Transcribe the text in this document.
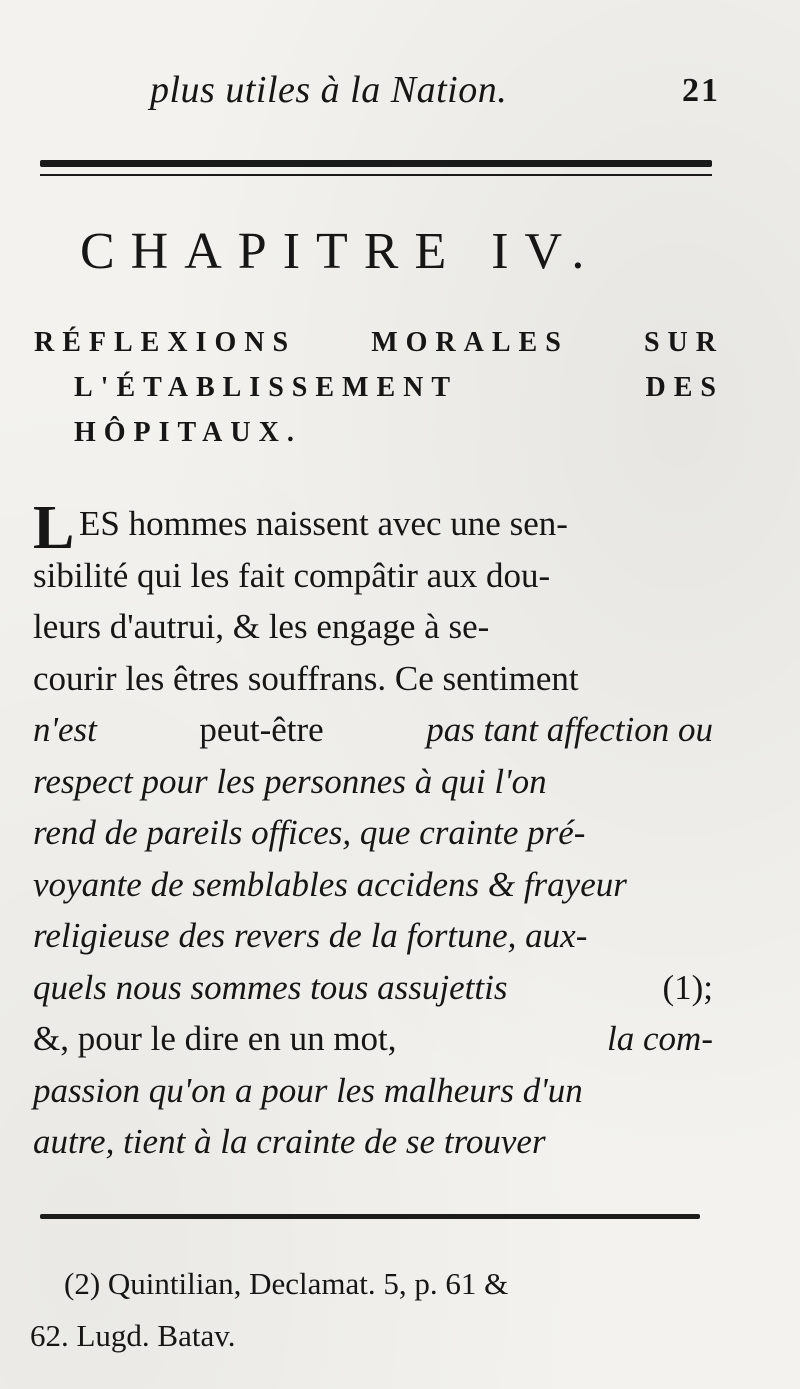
plus utiles à la Nation.	21
CHAPITRE IV.
RÉFLEXIONS	MORALES	SUR
L'ÉTABLISSEMENT	DES
HÔPITAUX.
L ES hommes naissent avec une sen-
sibilité qui les fait compâtir aux dou-
leurs d'autrui, & les engage à se-
courir les êtres souffrans. Ce sentiment
n'est	peut-être	pas tant affection ou
respect pour les personnes à qui l'on
rend de pareils offices, que crainte pré-
voyante de semblables accidens & frayeur
religieuse des revers de la fortune, aux-
quels nous sommes tous assujettis	(1);
&, pour le dire en un mot,	la com-
passion qu'on a pour les malheurs d'un
autre, tient à la crainte de se trouver
(2) Quintilian, Declamat. 5, p. 61 &
62. Lugd. Batav.
